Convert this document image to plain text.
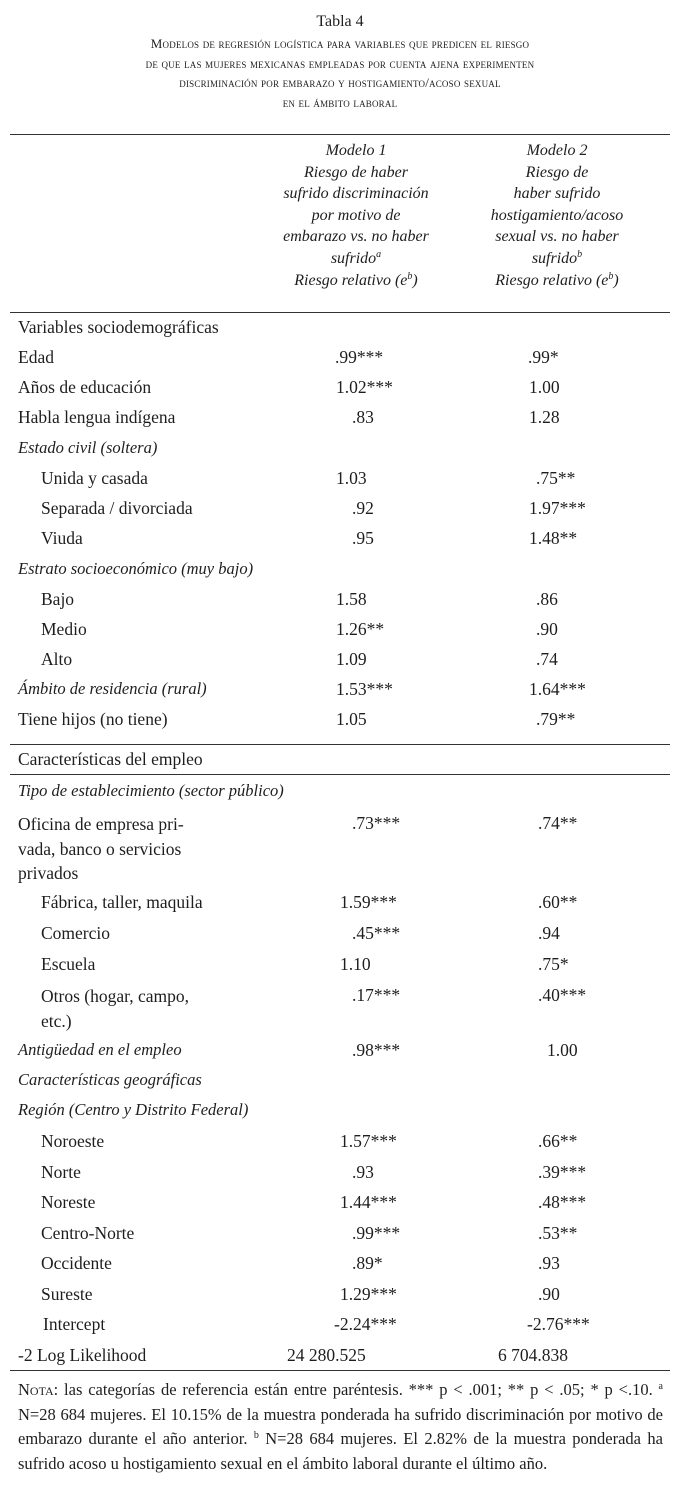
Tabla 4
Modelos de regresión logística para variables que predicen el riesgo
de que las mujeres mexicanas empleadas por cuenta ajena experimenten
discriminación por embarazo y hostigamiento/acoso sexual
en el ámbito laboral
Modelo 1
Riesgo de haber
sufrido discriminación
por motivo de
embarazo vs. no haber
sufrido$^a$
Riesgo relativo $(e^b)$
Modelo 2
Riesgo de
haber sufrido
hostigamiento/acoso
sexual vs. no haber
sufrido$^b$
Riesgo relativo $(e^b)$
Variables sociodemográficas
Edad	.99***	.99*
Años de educación	1.02***	1.00
Habla lengua indígena	.83	1.28
Estado civil (soltera)
Unida y casada	1.03	.75**
Separada / divorciada	.92	1.97***
Viuda	.95	1.48**
Estrato socioeconómico (muy bajo)
Bajo	1.58	.86
Medio	1.26**	.90
Alto	1.09	.74
Ámbito de residencia (rural)	1.53***	1.64***
Tiene hijos (no tiene)	1.05	.79**
Características del empleo
Tipo de establecimiento (sector público)
Oficina de empresa pri-
vada, banco o servicios
privados
.73***	.74**
Fábrica, taller, maquila	1.59***	.60**
Comercio	.45***	.94
Escuela	1.10	.75*
Otros (hogar, campo,
etc.)
.17***	.40***
Antigüedad en el empleo	.98***	1.00
Características geográficas
Región (Centro y Distrito Federal)
Noroeste	1.57***	.66**
Norte	.93	.39***
Noreste	1.44***	.48***
Centro-Norte	.99***	.53**
Occidente	.89*	.93
Sureste	1.29***	.90
Intercept	-2.24***	-2.76***
-2 Log Likelihood	24 280.525	6 704.838
Nota: las categorías de referencia están entre paréntesis. *** p < .001; ** p < .05; * p <.10. $^a$ N=28 684 mujeres. El 10.15% de la muestra ponderada ha sufrido discriminación por motivo de embarazo durante el año anterior. $^b$ N=28 684 mujeres. El 2.82% de la muestra ponderada ha sufrido acoso u hostigamiento sexual en el ámbito laboral durante el último año.
